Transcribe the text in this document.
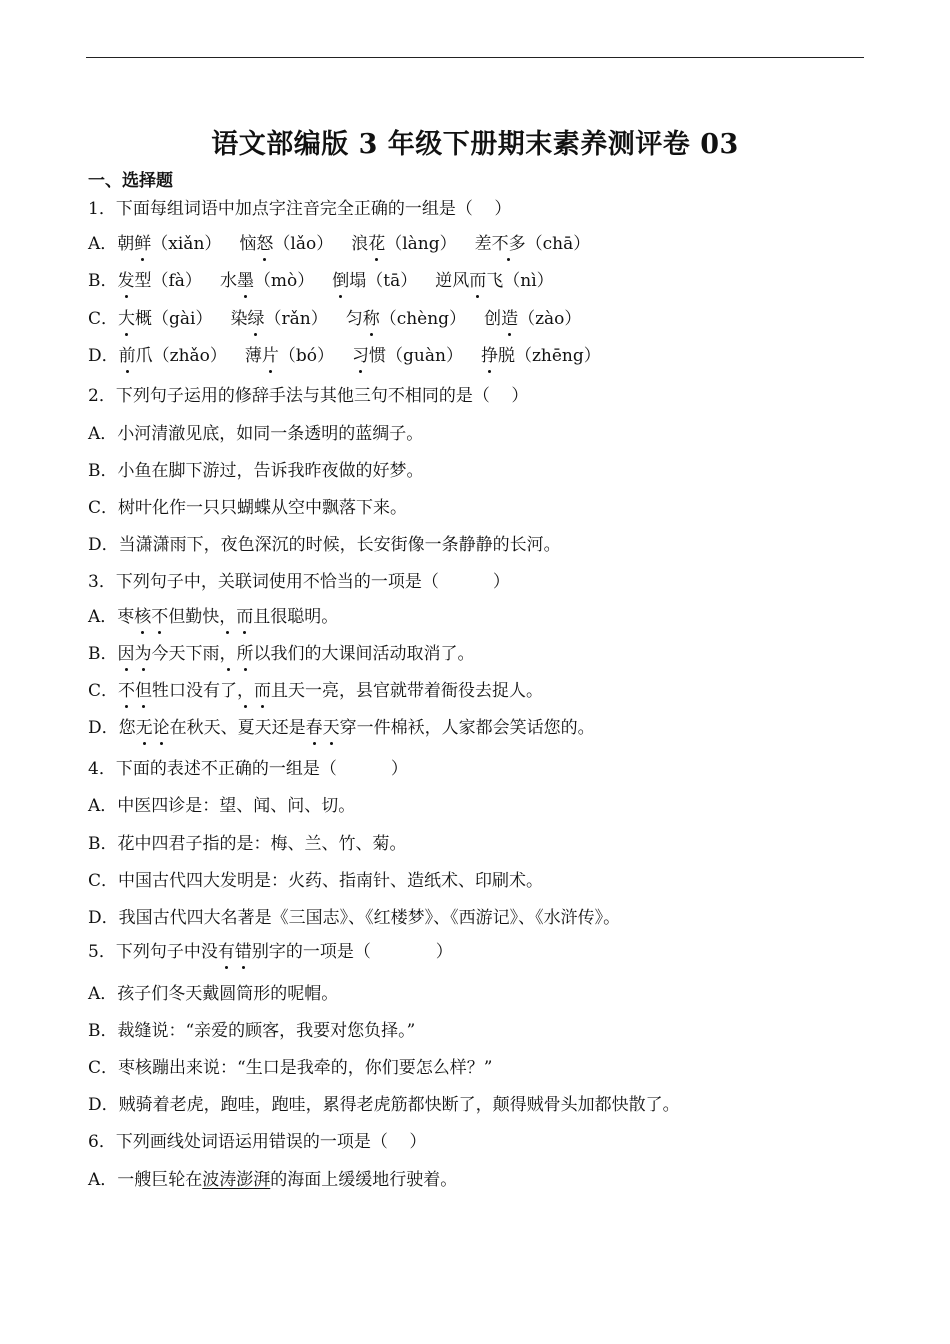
语文部编版 3 年级下册期末素养测评卷 03
一、选择题
1．下面每组词语中加点字注音完全正确的一组是（    ）
A．朝鲜（xiǎn） 恼怒（lǎo） 浪花（làng） 差不多（chā）
B．发型（fà） 水墨（mò） 倒塌（tā） 逆风而飞（nì）
C．大概（gài） 染绿（rǎn） 匀称（chèng） 创造（zào）
D．前爪（zhǎo） 薄片（bó） 习惯（guàn） 挣脱（zhēng）
2．下列句子运用的修辞手法与其他三句不相同的是（    ）
A．小河清澈见底，如同一条透明的蓝绸子。
B．小鱼在脚下游过，告诉我昨夜做的好梦。
C．树叶化作一只只蝴蝶从空中飘落下来。
D．当潇潇雨下，夜色深沉的时候，长安街像一条静静的长河。
3．下列句子中，关联词使用不恰当的一项是（          ）
A．枣核不但勤快，而且很聪明。
B．因为今天下雨，所以我们的大课间活动取消了。
C．不但牲口没有了，而且天一亮，县官就带着衙役去捉人。
D．您无论在秋天、夏天还是春天穿一件棉袄，人家都会笑话您的。
4．下面的表述不正确的一组是（          ）
A．中医四诊是：望、闻、问、切。
B．花中四君子指的是：梅、兰、竹、菊。
C．中国古代四大发明是：火药、指南针、造纸术、印刷术。
D．我国古代四大名著是《三国志》、《红楼梦》、《西游记》、《水浒传》。
5．下列句子中没有错别字的一项是（	）
A．孩子们冬天戴圆筒形的呢帽。
B．裁缝说：“亲爱的顾客，我要对您负择。”
C．枣核蹦出来说：“生口是我牵的，你们要怎么样？”
D．贼骑着老虎，跑哇，跑哇，累得老虎筋都快断了，颠得贼骨头加都快散了。
6．下列画线处词语运用错误的一项是（    ）
A．一艘巨轮在波涛澎湃的海面上缓缓地行驶着。
